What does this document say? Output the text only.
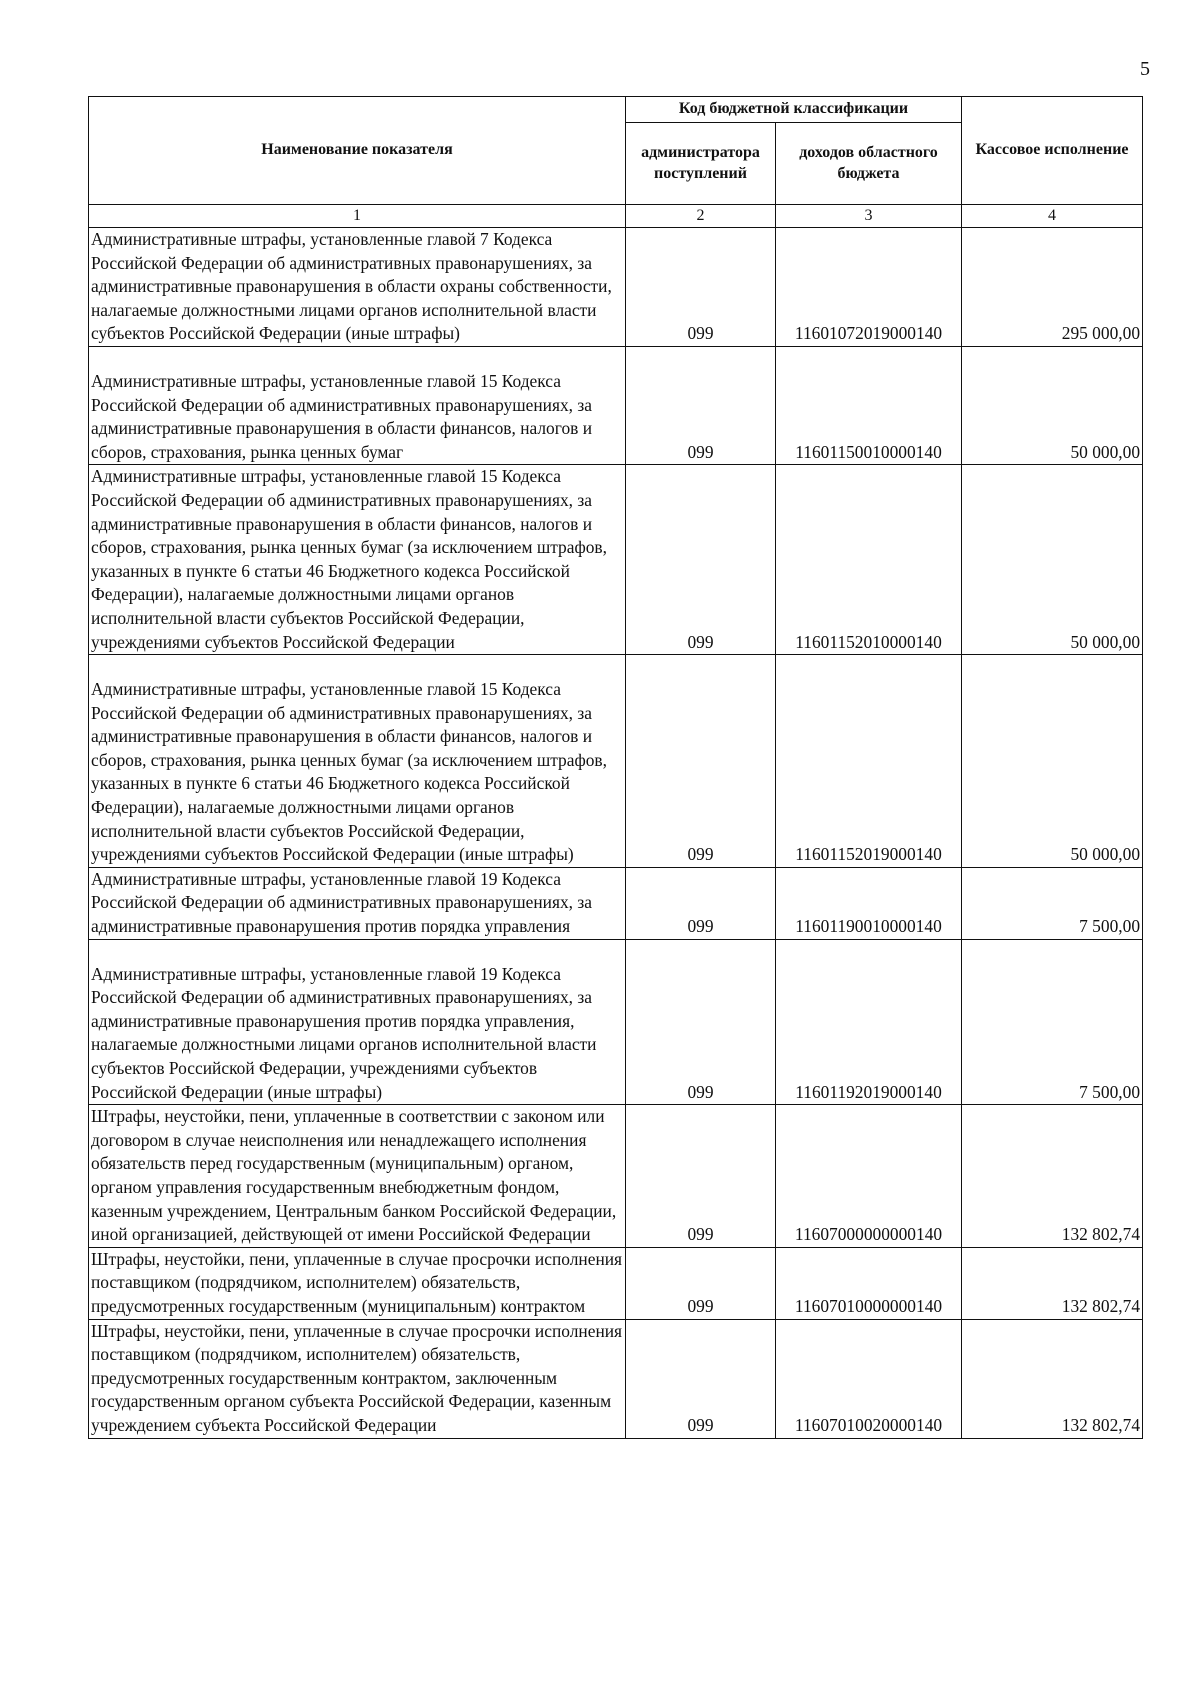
5
Наименование показателя	Код бюджетной классификации		Кассовое исполнение
	администратора поступлений	доходов областного бюджета	
1	2	3	4
Административные штрафы, установленные главой 7 Кодекса Российской Федерации об административных правонарушениях, за административные правонарушения в области охраны собственности, налагаемые должностными лицами органов исполнительной власти субъектов Российской Федерации (иные штрафы)	099	11601072019000140	295 000,00

Административные штрафы, установленные главой 15 Кодекса Российской Федерации об административных правонарушениях, за административные правонарушения в области финансов, налогов и сборов, страхования, рынка ценных бумаг	099	11601150010000140	50 000,00
Административные штрафы, установленные главой 15 Кодекса Российской Федерации об административных правонарушениях, за административные правонарушения в области финансов, налогов и сборов, страхования, рынка ценных бумаг (за исключением штрафов, указанных в пункте 6 статьи 46 Бюджетного кодекса Российской Федерации), налагаемые должностными лицами органов исполнительной власти субъектов Российской Федерации, учреждениями субъектов Российской Федерации	099	11601152010000140	50 000,00

Административные штрафы, установленные главой 15 Кодекса Российской Федерации об административных правонарушениях, за административные правонарушения в области финансов, налогов и сборов, страхования, рынка ценных бумаг (за исключением штрафов, указанных в пункте 6 статьи 46 Бюджетного кодекса Российской Федерации), налагаемые должностными лицами органов исполнительной власти субъектов Российской Федерации, учреждениями субъектов Российской Федерации (иные штрафы)	099	11601152019000140	50 000,00
Административные штрафы, установленные главой 19 Кодекса Российской Федерации об административных правонарушениях, за административные правонарушения против порядка управления	099	11601190010000140	7 500,00

Административные штрафы, установленные главой 19 Кодекса Российской Федерации об административных правонарушениях, за административные правонарушения против порядка управления, налагаемые должностными лицами органов исполнительной власти субъектов Российской Федерации, учреждениями субъектов Российской Федерации (иные штрафы)	099	11601192019000140	7 500,00
Штрафы, неустойки, пени, уплаченные в соответствии с законом или договором в случае неисполнения или ненадлежащего исполнения обязательств перед государственным (муниципальным) органом, органом управления государственным внебюджетным фондом, казенным учреждением, Центральным банком Российской Федерации, иной организацией, действующей от имени Российской Федерации	099	11607000000000140	132 802,74
Штрафы, неустойки, пени, уплаченные в случае просрочки исполнения поставщиком (подрядчиком, исполнителем) обязательств, предусмотренных государственным (муниципальным) контрактом	099	11607010000000140	132 802,74
Штрафы, неустойки, пени, уплаченные в случае просрочки исполнения поставщиком (подрядчиком, исполнителем) обязательств, предусмотренных государственным контрактом, заключенным государственным органом субъекта Российской Федерации, казенным учреждением субъекта Российской Федерации	099	11607010020000140	132 802,74
